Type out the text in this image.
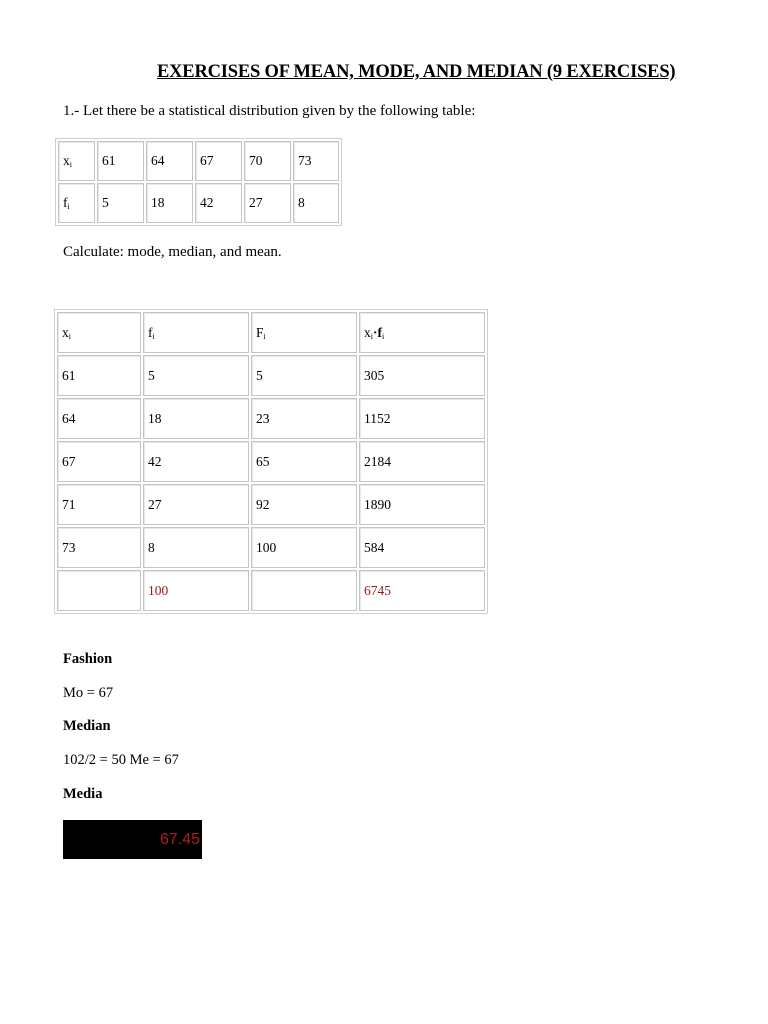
EXERCISES OF MEAN, MODE, AND MEDIAN (9 EXERCISES)
1.- Let there be a statistical distribution given by the following table:
$x_i$	61	64	67	70	73
$f_i$	5	18	42	27	8
Calculate: mode, median, and mean.
$x_i$	$f_i$	$F_i$	$x_i\cdot f_i$
61	5	5	305
64	18	23	1152
67	42	65	2184
71	27	92	1890
73	8	100	584
	100		6745
Fashion
Mo = 67
Median
102/2 = 50 Me = 67
Media
67.45
